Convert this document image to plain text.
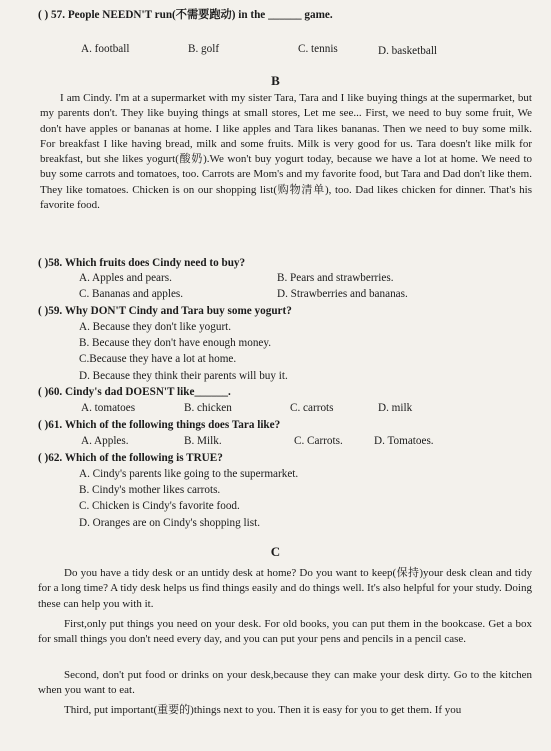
( ) 57. People NEEDN'T run(不需要跑动) in the ______ game.
A. football	B. golf	C. tennis	D. basketball
B
I am Cindy. I'm at a supermarket with my sister Tara, Tara and I like buying things at the supermarket, but my parents don't. They like buying things at small stores, Let me see... First, we need to buy some fruit, We don't have apples or bananas at home. I like apples and Tara likes bananas. Then we need to buy some milk. For breakfast I like having bread, milk and some fruits. Milk is very good for us. Tara doesn't like milk for breakfast, but she likes yogurt(酸奶).We won't buy yogurt today, because we have a lot at home. We need to buy some carrots and tomatoes, too. Carrots are Mom's and my favorite food, but Tara and Dad don't like them. They like tomatoes. Chicken is on our shopping list(购物清单), too. Dad likes chicken for dinner. That's his favorite food.
( )58. Which fruits does Cindy need to buy?
A. Apples and pears.	B. Pears and strawberries.
C. Bananas and apples.	D. Strawberries and bananas.
( )59. Why DON'T Cindy and Tara buy some yogurt?
A. Because they don't like yogurt.
B. Because they don't have enough money.
C.Because they have a lot at home.
D. Because they think their parents will buy it.
( )60. Cindy's dad DOESN'T like______.
A. tomatoes	B. chicken	C. carrots	D. milk
( )61. Which of the following things does Tara like?
A. Apples.	B. Milk.	C. Carrots.	D. Tomatoes.
( )62. Which of the following is TRUE?
A. Cindy's parents like going to the supermarket.
B. Cindy's mother likes carrots.
C. Chicken is Cindy's favorite food.
D. Oranges are on Cindy's shopping list.
C
Do you have a tidy desk or an untidy desk at home? Do you want to keep(保持)your desk clean and tidy for a long time? A tidy desk helps us find things easily and do things well. It's also helpful for your study. Doing these can help you with it.
First,only put things you need on your desk. For old books, you can put them in the bookcase. Get a box for small things you don't need every day, and you can put your pens and pencils in a pencil case.
Second, don't put food or drinks on your desk,because they can make your desk dirty. Go to the kitchen when you want to eat.
Third, put important(重要的)things next to you. Then it is easy for you to get them. If you
